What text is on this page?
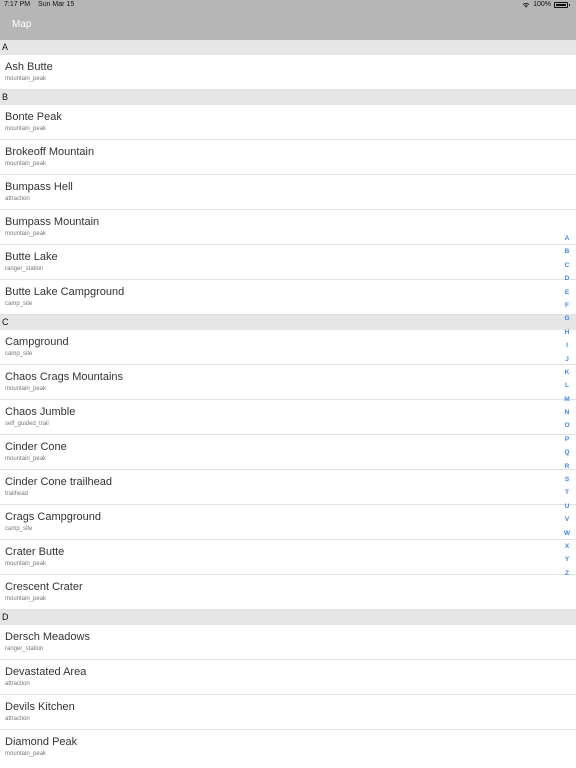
7:17 PM Sun Mar 15	100%
Map
A
Ash Butte
mountain_peak
B
Bonte Peak
mountain_peak
Brokeoff Mountain
mountain_peak
Bumpass Hell
attraction
Bumpass Mountain
mountain_peak
Butte Lake
ranger_station
Butte Lake Campground
camp_site
C
Campground
camp_site
Chaos Crags Mountains
mountain_peak
Chaos Jumble
self_guided_trail
Cinder Cone
mountain_peak
Cinder Cone trailhead
trailhead
Crags Campground
camp_site
Crater Butte
mountain_peak
Crescent Crater
mountain_peak
D
Dersch Meadows
ranger_station
Devastated Area
attraction
Devils Kitchen
attraction
Diamond Peak
mountain_peak
A
B
C
D
E
F
G
H
I
J
K
L
M
N
O
P
Q
R
S
T
U
V
W
X
Y
Z
